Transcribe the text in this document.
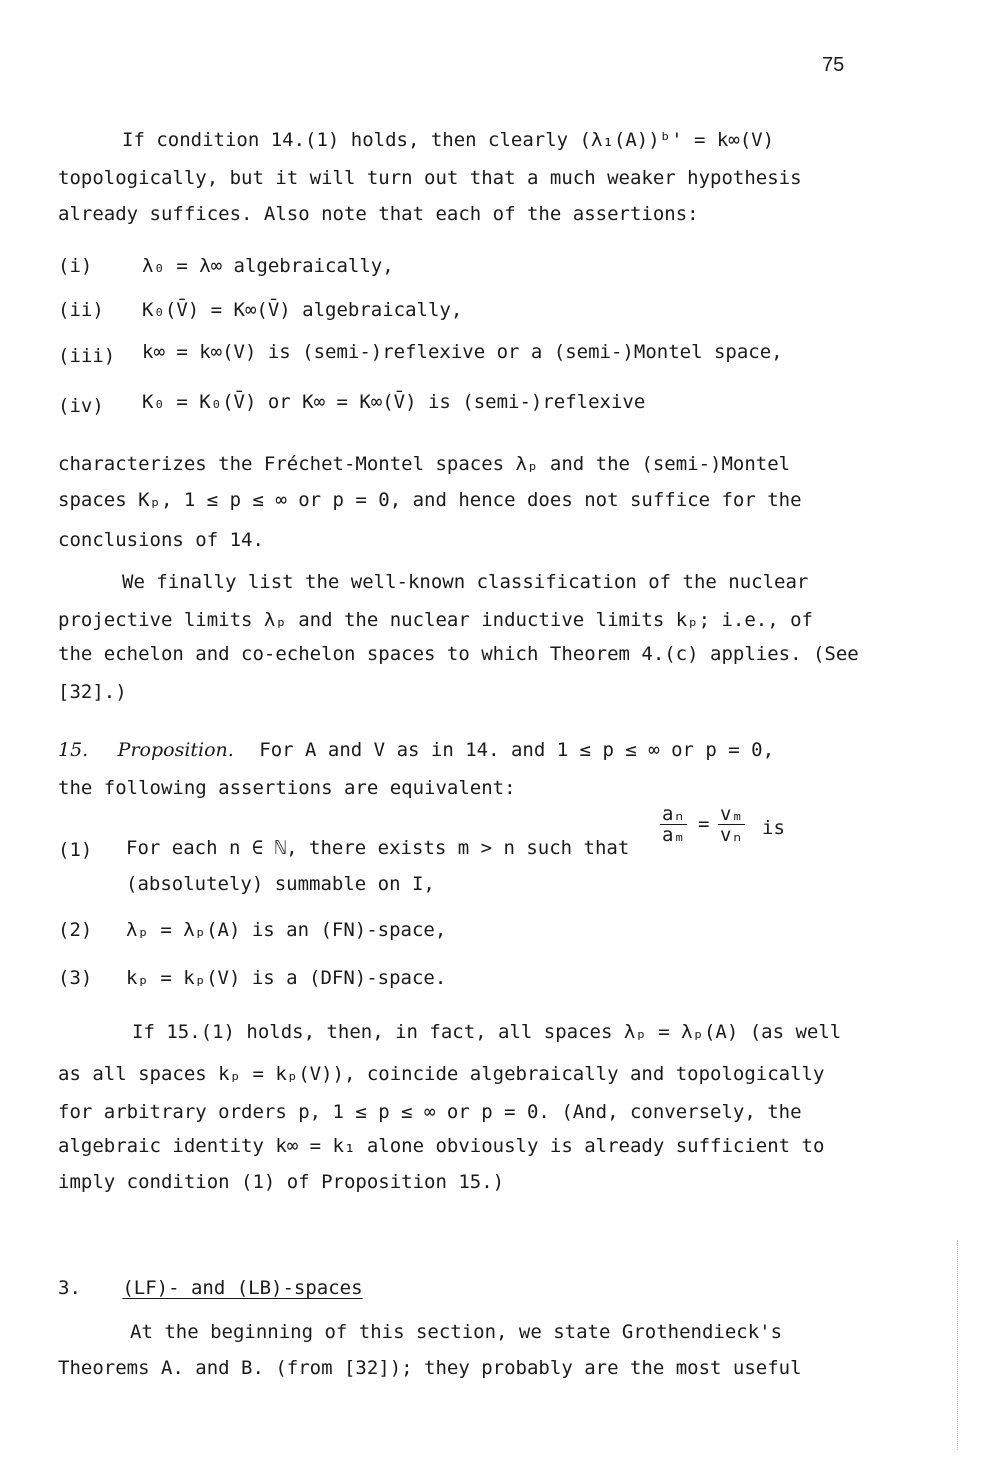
75
If condition 14.(1) holds, then clearly (λ₁(A))ᵇ' = k∞(V)
topologically, but it will turn out that a much weaker hypothesis
already suffices. Also note that each of the assertions:
(i)	λ₀ = λ∞ algebraically,
(ii) K₀(V̄) = K∞(V̄) algebraically,
(iii) k∞ = k∞(V) is (semi-)reflexive or a (semi-)Montel space,
(iv) K₀ = K₀(V̄) or K∞ = K∞(V̄) is (semi-)reflexive
characterizes the Fréchet-Montel spaces λₚ and the (semi-)Montel
spaces Kₚ, 1 ≤ p ≤ ∞ or p = 0, and hence does not suffice for the
conclusions of 14.
We finally list the well-known classification of the nuclear
projective limits λₚ and the nuclear inductive limits kₚ; i.e., of
the echelon and co-echelon spaces to which Theorem 4.(c) applies. (See
[32].)
15. Proposition. For A and V as in 14. and 1 ≤ p ≤ ∞ or p = 0,
the following assertions are equivalent:
(1) For each n ∈ ℕ, there exists m > n such that
$\frac{\text{aₙ}}{\text{aₘ}} = \frac{\text{vₘ}}{\text{vₙ}}$ is
(absolutely) summable on I,
(2) λₚ = λₚ(A) is an (FN)-space,
(3) kₚ = kₚ(V) is a (DFN)-space.
If 15.(1) holds, then, in fact, all spaces λₚ = λₚ(A) (as well
as all spaces kₚ = kₚ(V)), coincide algebraically and topologically
for arbitrary orders p, 1 ≤ p ≤ ∞ or p = 0. (And, conversely, the
algebraic identity k∞ = k₁ alone obviously is already sufficient to
imply condition (1) of Proposition 15.)
3. (LF)- and (LB)-spaces
At the beginning of this section, we state Grothendieck's
Theorems A. and B. (from [32]); they probably are the most useful
